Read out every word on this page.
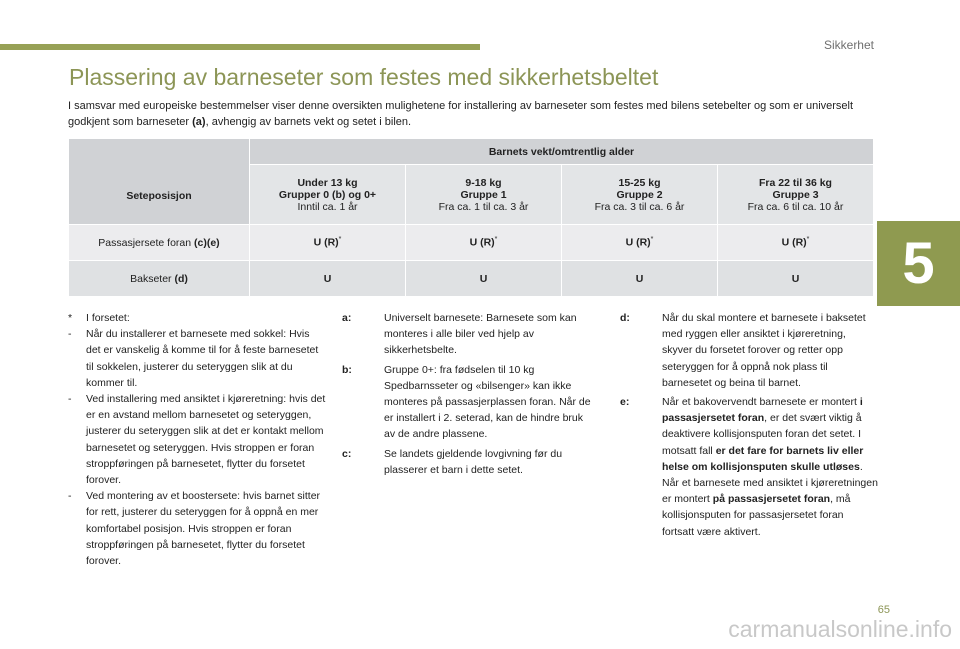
Sikkerhet
5
Plassering av barneseter som festes med sikkerhetsbeltet

I samsvar med europeiske bestemmelser viser denne oversikten mulighetene for installering av barneseter som festes med bilens setebelter og som er universelt godkjent som barneseter (a), avhengig av barnets vekt og setet i bilen.

Seteposisjon	Barnets vekt/omtrentlig alder			

	Under 13 kg
Grupper 0 (b) og 0+
Inntil ca. 1 år	9-18 kg
Gruppe 1
Fra ca. 1 til ca. 3 år	15-25 kg
Gruppe 2
Fra ca. 3 til ca. 6 år	Fra 22 til 36 kg
Gruppe 3
Fra ca. 6 til ca. 10 år

Passasjersete foran (c)(e)	U (R)*	U (R)*	U (R)*	U (R)*
Bakseter (d)	U	U	U	U
*	I forsetet:
-	Når du installerer et barnesete med sokkel: Hvis det er vanskelig å komme til for å feste barnesetet til sokkelen, justerer du seteryggen slik at du kommer til.
-	Ved installering med ansiktet i kjøreretning: hvis det er en avstand mellom barnesetet og seteryggen, justerer du seteryggen slik at det er kontakt mellom barnesetet og seteryggen. Hvis stroppen er foran stroppføringen på barnesetet, flytter du forsetet forover.
-	Ved montering av et boostersete: hvis barnet sitter for rett, justerer du seteryggen for å oppnå en mer komfortabel posisjon. Hvis stroppen er foran stroppføringen på barnesetet, flytter du forsetet forover.
a:	Universelt barnesete: Barnesete som kan monteres i alle biler ved hjelp av sikkerhetsbelte.
b:	Gruppe 0+: fra fødselen til 10 kg Spedbarnsseter og «bilsenger» kan ikke monteres på passasjerplassen foran. Når de er installert i 2. seterad, kan de hindre bruk av de andre plassene.
c:	Se landets gjeldende lovgivning før du plasserer et barn i dette setet.
d:	Når du skal montere et barnesete i baksetet med ryggen eller ansiktet i kjøreretning, skyver du forsetet forover og retter opp seteryggen for å oppnå nok plass til barnesetet og beina til barnet.
e:	Når et bakovervendt barnesete er montert i passasjersetet foran, er det svært viktig å deaktivere kollisjonsputen foran det setet. I motsatt fall er det fare for barnets liv eller helse om kollisjonsputen skulle utløses. Når et barnesete med ansiktet i kjøreretningen er montert på passasjersetet foran, må kollisjonsputen for passasjersetet foran fortsatt være aktivert.
65
carmanualsonline.info
